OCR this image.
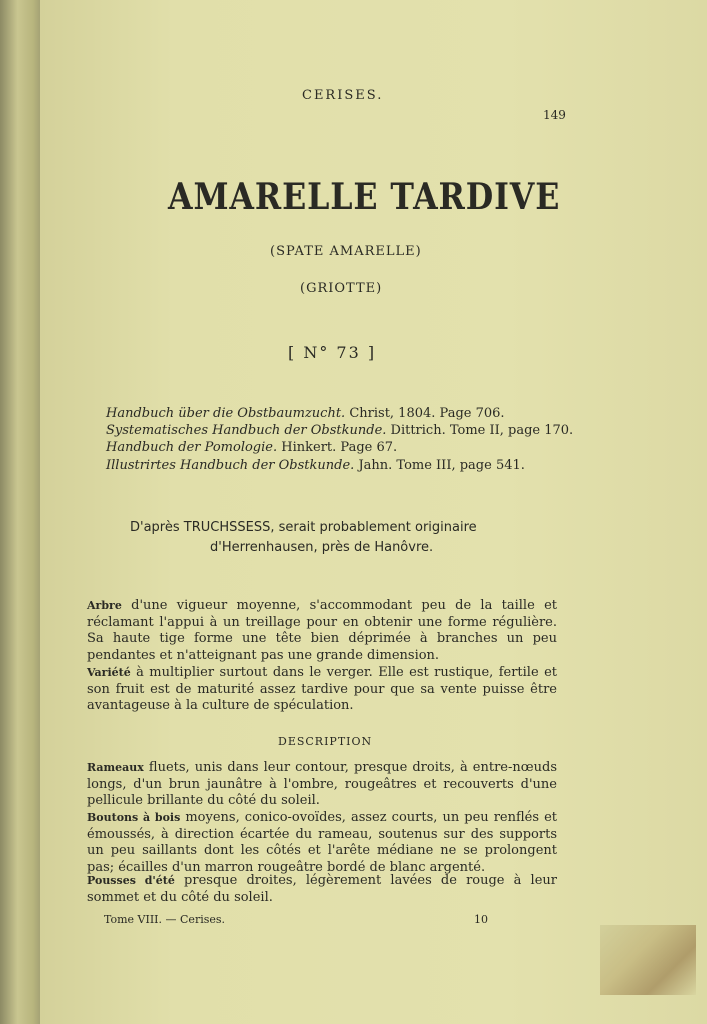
CERISES.
149
AMARELLE TARDIVE
(SPATE AMARELLE)
(GRIOTTE)
[ N° 73 ]
Handbuch über die Obstbaumzucht. Christ, 1804. Page 706.
Systematisches Handbuch der Obstkunde. Dittrich. Tome II, page 170.
Handbuch der Pomologie. Hinkert. Page 67.
Illustrirtes Handbuch der Obstkunde. Jahn. Tome III, page 541.
D'après TRUCHSSESS, serait probablement originaire
d'Herrenhausen, près de Hanôvre.
Arbre d'une vigueur moyenne, s'accommodant peu de la taille et réclamant l'appui à un treillage pour en obtenir une forme régulière. Sa haute tige forme une tête bien déprimée à branches un peu pendantes et n'atteignant pas une grande dimension.
Variété à multiplier surtout dans le verger. Elle est rustique, fertile et son fruit est de maturité assez tardive pour que sa vente puisse être avantageuse à la culture de spéculation.
DESCRIPTION
Rameaux fluets, unis dans leur contour, presque droits, à entre-nœuds longs, d'un brun jaunâtre à l'ombre, rougeâtres et recouverts d'une pellicule brillante du côté du soleil.
Boutons à bois moyens, conico-ovoïdes, assez courts, un peu renflés et émoussés, à direction écartée du rameau, soutenus sur des supports un peu saillants dont les côtés et l'arête médiane ne se prolongent pas; écailles d'un marron rougeâtre bordé de blanc argenté.
Pousses d'été presque droites, légèrement lavées de rouge à leur sommet et du côté du soleil.
Tome VIII. — Cerises.	10
